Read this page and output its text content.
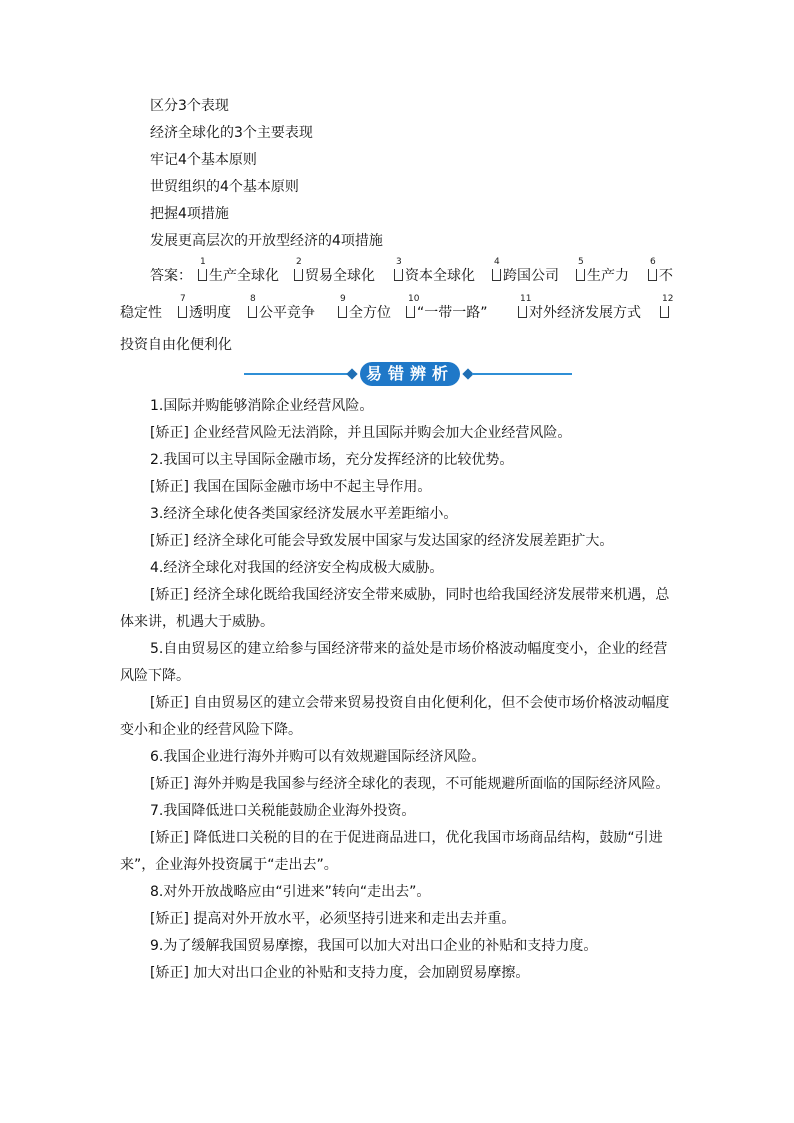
区分3个表现
经济全球化的3个主要表现
牢记4个基本原则
世贸组织的4个基本原则
把握4项措施
发展更高层次的开放型经济的4项措施
答案：
1
生产全球化
2
贸易全球化
3
资本全球化
4
跨国公司
5
生产力
6
不
稳定性
7
透明度
8
公平竞争
9
全方位
10
“一带一路”
11
对外经济发展方式
12
投资自由化便利化
易错辨析
1.国际并购能够消除企业经营风险。
[矫正] 企业经营风险无法消除，并且国际并购会加大企业经营风险。
2.我国可以主导国际金融市场，充分发挥经济的比较优势。
[矫正] 我国在国际金融市场中不起主导作用。
3.经济全球化使各类国家经济发展水平差距缩小。
[矫正] 经济全球化可能会导致发展中国家与发达国家的经济发展差距扩大。
4.经济全球化对我国的经济安全构成极大威胁。
[矫正] 经济全球化既给我国经济安全带来威胁，同时也给我国经济发展带来机遇，总
体来讲，机遇大于威胁。
5.自由贸易区的建立给参与国经济带来的益处是市场价格波动幅度变小，企业的经营
风险下降。
[矫正] 自由贸易区的建立会带来贸易投资自由化便利化，但不会使市场价格波动幅度
变小和企业的经营风险下降。
6.我国企业进行海外并购可以有效规避国际经济风险。
[矫正] 海外并购是我国参与经济全球化的表现，不可能规避所面临的国际经济风险。
7.我国降低进口关税能鼓励企业海外投资。
[矫正] 降低进口关税的目的在于促进商品进口，优化我国市场商品结构，鼓励“引进
来”，企业海外投资属于“走出去”。
8.对外开放战略应由“引进来”转向“走出去”。
[矫正] 提高对外开放水平，必须坚持引进来和走出去并重。
9.为了缓解我国贸易摩擦，我国可以加大对出口企业的补贴和支持力度。
[矫正] 加大对出口企业的补贴和支持力度，会加剧贸易摩擦。
